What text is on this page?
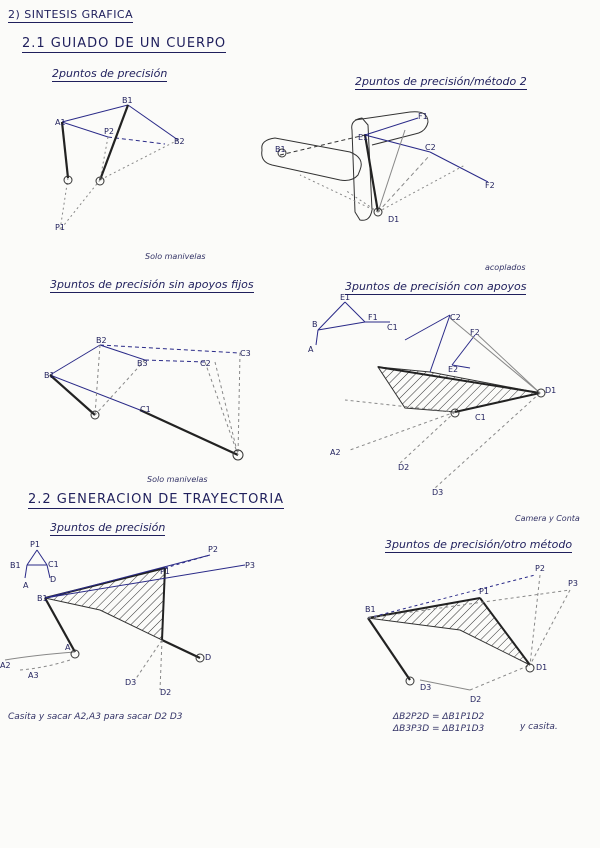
2) SINTESIS GRAFICA
2.1 GUIADO DE UN CUERPO
2puntos de precisión
2puntos de precisión/método 2
Solo manivelas
acoplados
3puntos de precisión sin apoyos fijos	3puntos de precisión con apoyos
Solo manivelas
2.2 GENERACION DE TRAYECTORIA
Camera y Conta
3puntos de precisión
3puntos de precisión/otro método
Casita y sacar A2,A3 para sacar D2 D3	ΔB2P2D = ΔB1P1D2
ΔB3P3D = ΔB1P1D3	y casita.
A1
B1
P2
B2
P1
B1
E1
F1
C2
F2
D1
B1
B2
B3
C3
C2
C1
E1
B
A
F1
C1
C2
F2
E2
D1
C1
A2
D2
D3
P1
B1	C1
A
D
B1
P1
P2
P3
A
D
A2
A3
D3
D2
B1
P1
P2
P3
D1
D3
D2
